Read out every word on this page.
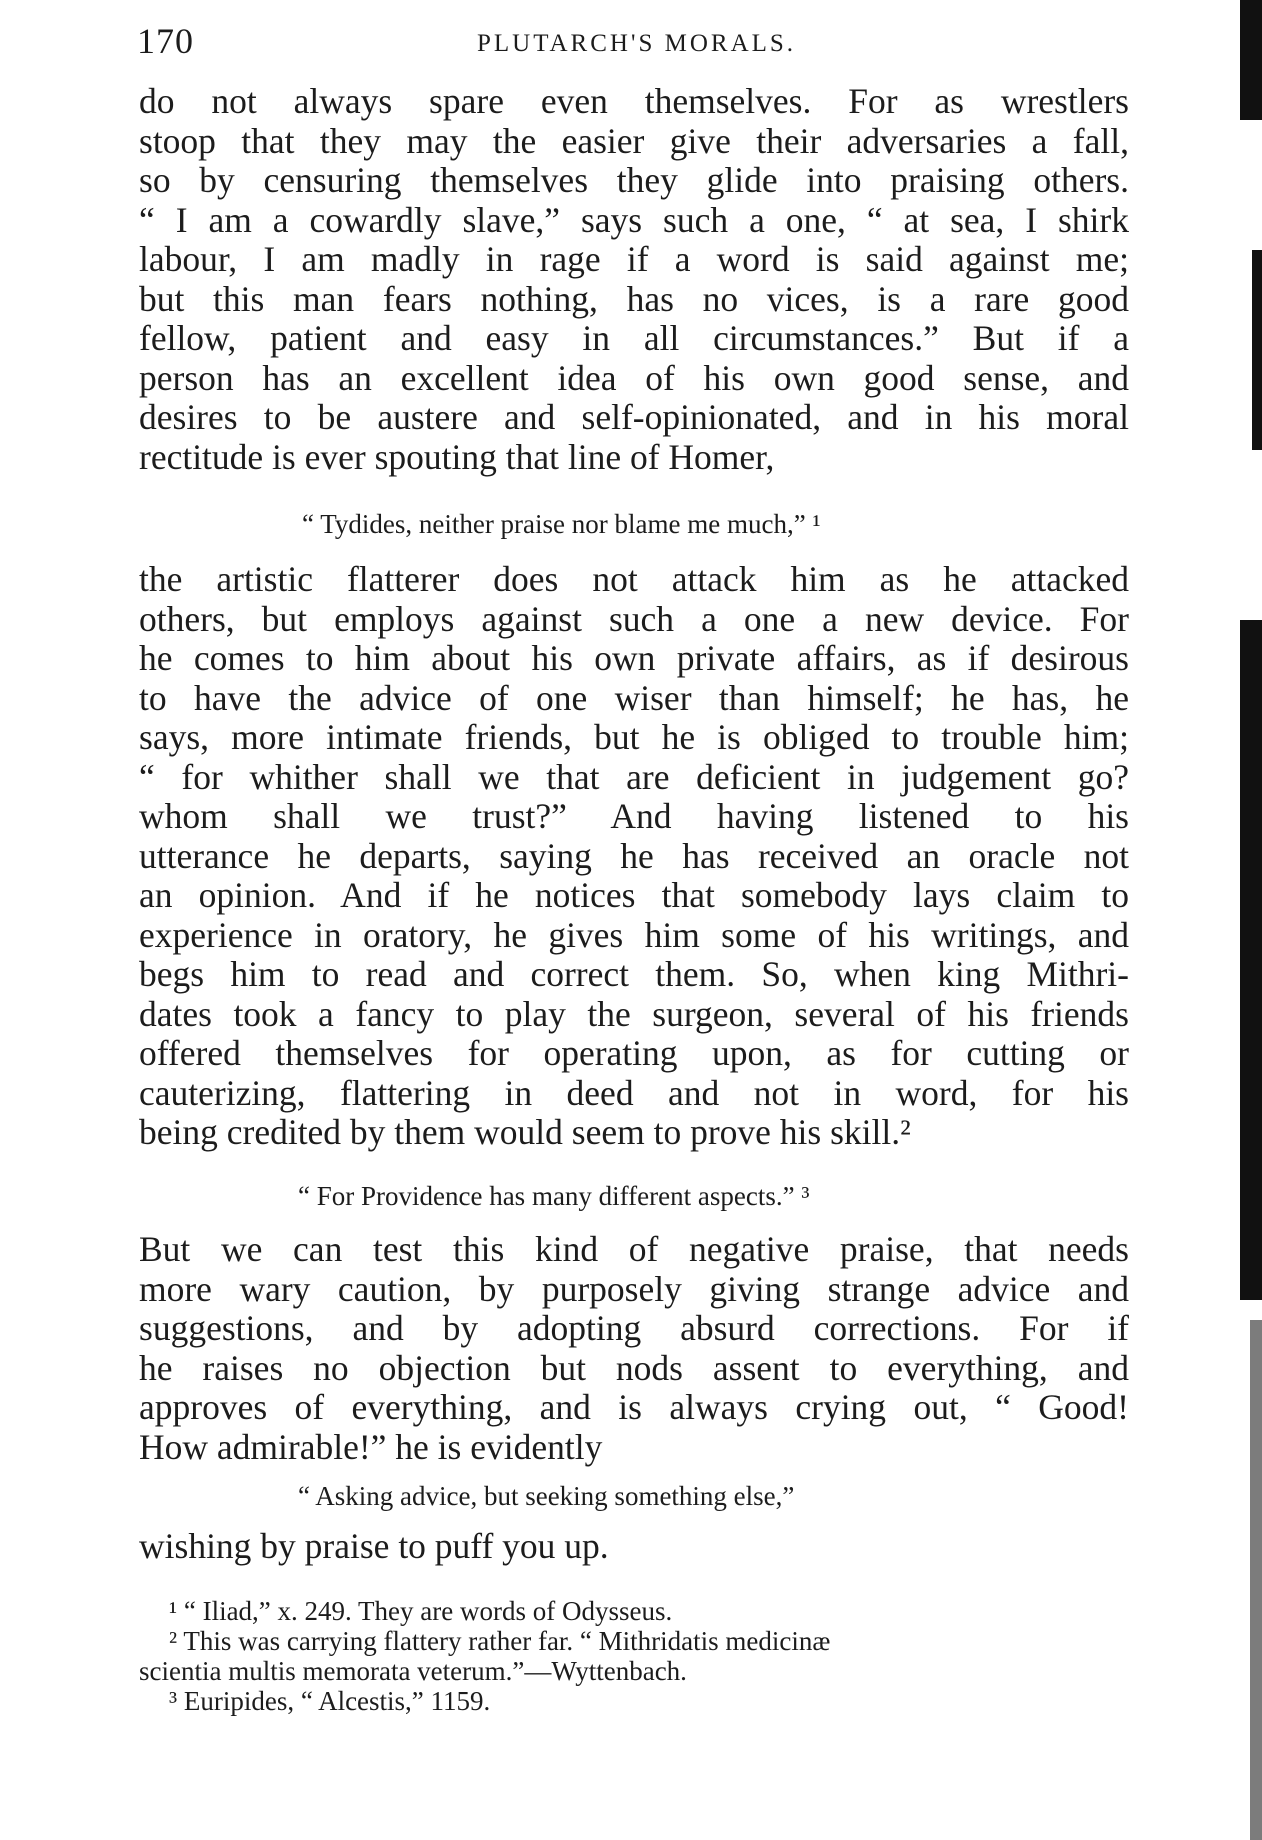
170	PLUTARCH'S MORALS.

do not always spare even themselves. For as wrestlers
stoop that they may the easier give their adversaries a fall,
so by censuring themselves they glide into praising others.
“ I am a cowardly slave,” says such a one, “ at sea, I shirk
labour, I am madly in rage if a word is said against me;
but this man fears nothing, has no vices, is a rare good
fellow, patient and easy in all circumstances.” But if a
person has an excellent idea of his own good sense, and
desires to be austere and self-opinionated, and in his moral
rectitude is ever spouting that line of Homer,

“ Tydides, neither praise nor blame me much,” ¹

the artistic flatterer does not attack him as he attacked
others, but employs against such a one a new device. For
he comes to him about his own private affairs, as if desirous
to have the advice of one wiser than himself; he has, he
says, more intimate friends, but he is obliged to trouble him;
“ for whither shall we that are deficient in judgement go?
whom shall we trust?” And having listened to his
utterance he departs, saying he has received an oracle not
an opinion. And if he notices that somebody lays claim to
experience in oratory, he gives him some of his writings, and
begs him to read and correct them. So, when king Mithri-
dates took a fancy to play the surgeon, several of his friends
offered themselves for operating upon, as for cutting or
cauterizing, flattering in deed and not in word, for his
being credited by them would seem to prove his skill.²

“ For Providence has many different aspects.” ³

But we can test this kind of negative praise, that needs
more wary caution, by purposely giving strange advice and
suggestions, and by adopting absurd corrections. For if
he raises no objection but nods assent to everything, and
approves of everything, and is always crying out, “ Good!
How admirable!” he is evidently

“ Asking advice, but seeking something else,”

wishing by praise to puff you up.

¹ “ Iliad,” x. 249. They are words of Odysseus.
² This was carrying flattery rather far. “ Mithridatis medicinæ
scientia multis memorata veterum.”—Wyttenbach.
³ Euripides, “ Alcestis,” 1159.
